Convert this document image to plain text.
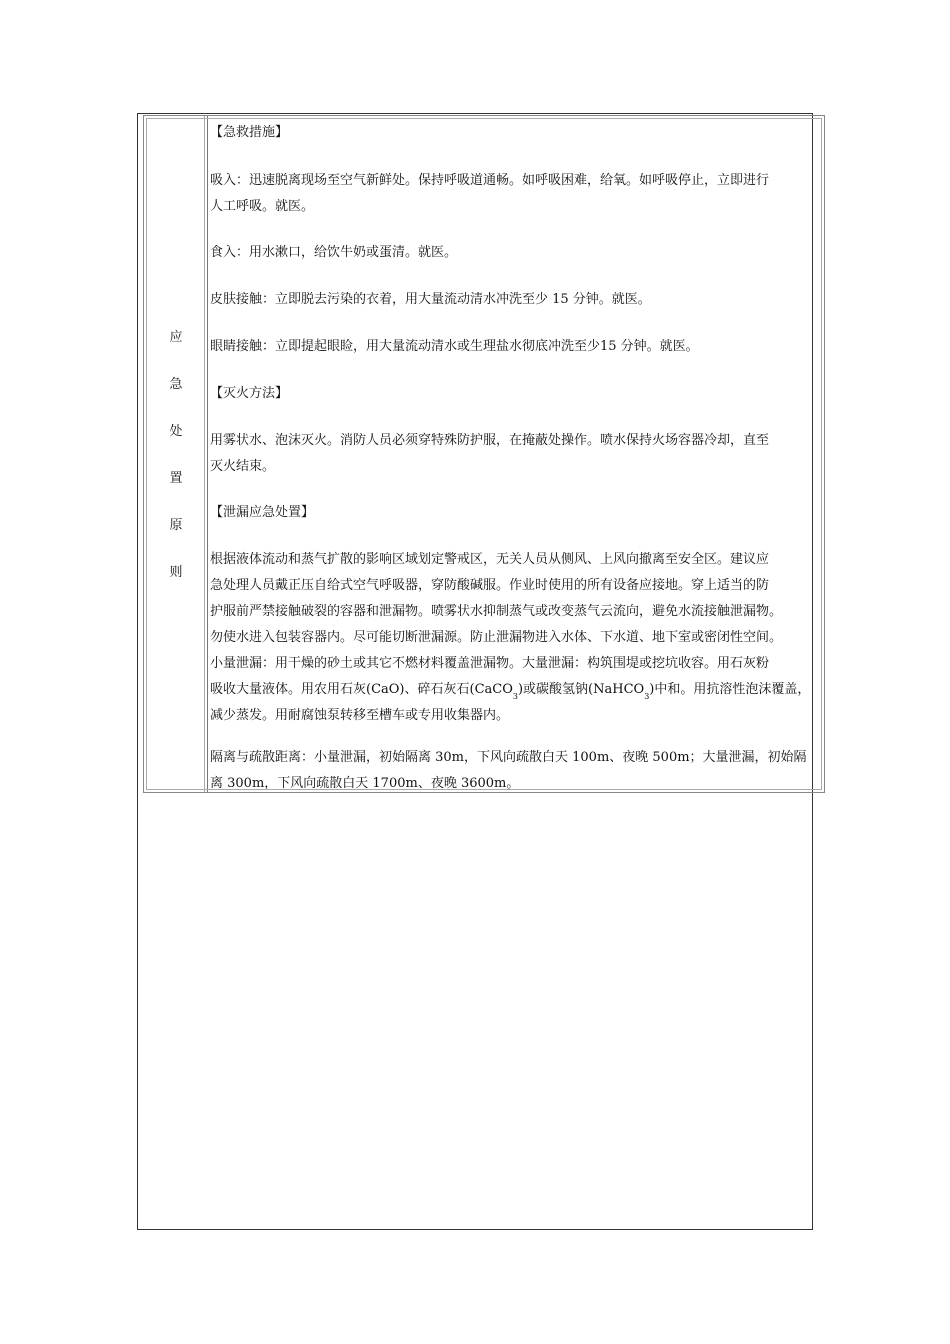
应
急
处
置
原
则
【急救措施】
吸入：迅速脱离现场至空气新鲜处。保持呼吸道通畅。如呼吸困难，给氧。如呼吸停止，立即进行
人工呼吸。就医。
食入：用水漱口，给饮牛奶或蛋清。就医。
皮肤接触：立即脱去污染的衣着，用大量流动清水冲洗至少 15 分钟。就医。
眼睛接触：立即提起眼睑，用大量流动清水或生理盐水彻底冲洗至少15 分钟。就医。
【灭火方法】
用雾状水、泡沫灭火。消防人员必须穿特殊防护服，在掩蔽处操作。喷水保持火场容器冷却，直至
灭火结束。
【泄漏应急处置】
根据液体流动和蒸气扩散的影响区域划定警戒区，无关人员从侧风、上风向撤离至安全区。建议应
急处理人员戴正压自给式空气呼吸器，穿防酸碱服。作业时使用的所有设备应接地。穿上适当的防
护服前严禁接触破裂的容器和泄漏物。喷雾状水抑制蒸气或改变蒸气云流向，避免水流接触泄漏物。
勿使水进入包装容器内。尽可能切断泄漏源。防止泄漏物进入水体、下水道、地下室或密闭性空间。
小量泄漏：用干燥的砂土或其它不燃材料覆盖泄漏物。大量泄漏：构筑围堤或挖坑收容。用石灰粉
吸收大量液体。用农用石灰(CaO)、碎石灰石(CaCO$_3$)或碳酸氢钠(NaHCO$_3$)中和。用抗溶性泡沫覆盖，
减少蒸发。用耐腐蚀泵转移至槽车或专用收集器内。
隔离与疏散距离：小量泄漏，初始隔离 30m，下风向疏散白天 100m、夜晚 500m；大量泄漏，初始隔
离 300m，下风向疏散白天 1700m、夜晚 3600m。
